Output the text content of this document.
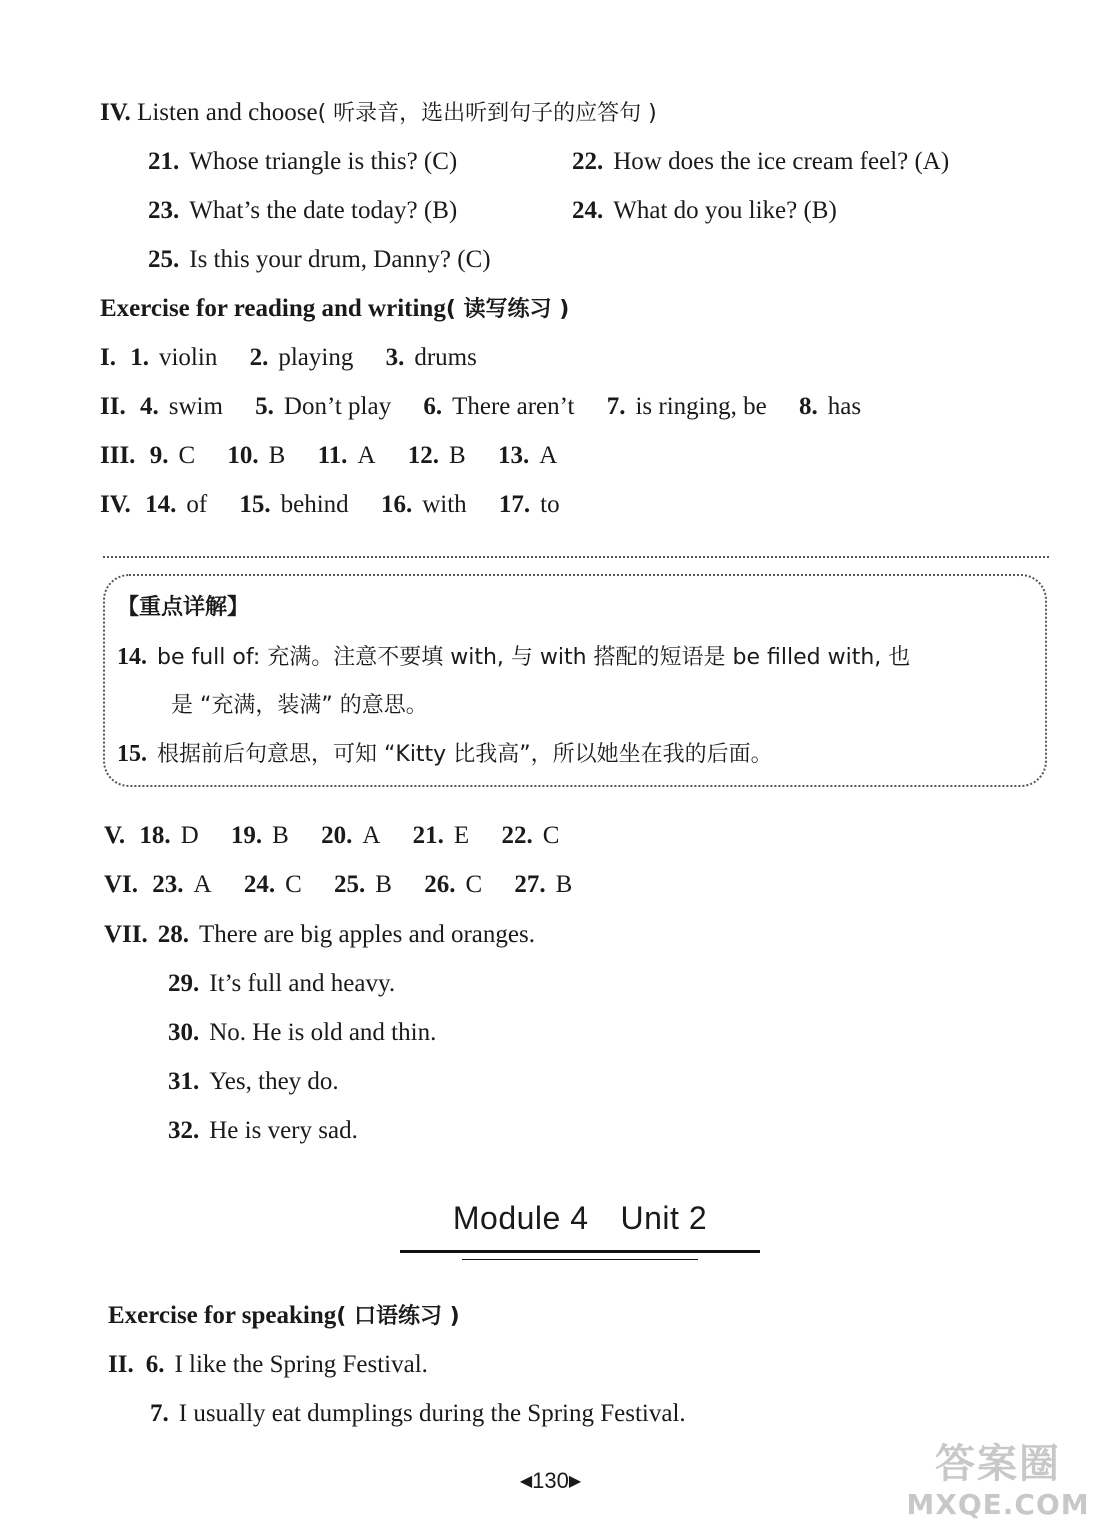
IV. Listen and choose( 听录音，选出听到句子的应答句 )
21. Whose triangle is this? (C)	22. How does the ice cream feel? (A)
23. What’s the date today? (B)	24. What do you like? (B)
25. Is this your drum, Danny? (C)
Exercise for reading and writing( 读写练习 )
I. 1. violin 2. playing 3. drums
II. 4. swim 5. Don’t play 6. There aren’t 7. is ringing, be 8. has
III. 9. C 10. B 11. A 12. B 13. A
IV. 14. of 15. behind 16. with 17. to
【重点详解】
14. be full of: 充满。注意不要填 with, 与 with 搭配的短语是 be filled with, 也
是 “充满，装满” 的意思。
15. 根据前后句意思，可知 “Kitty 比我高”，所以她坐在我的后面。
V. 18. D 19. B 20. A 21. E 22. C
VI. 23. A 24. C 25. B 26. C 27. B
VII. 28. There are big apples and oranges.
29. It’s full and heavy.
30. No. He is old and thin.
31. Yes, they do.
32. He is very sad.
Module 4 Unit 2
Exercise for speaking( 口语练习 )
II. 6. I like the Spring Festival.
7. I usually eat dumplings during the Spring Festival.
◀130▶	答案圈
MXQE.COM
